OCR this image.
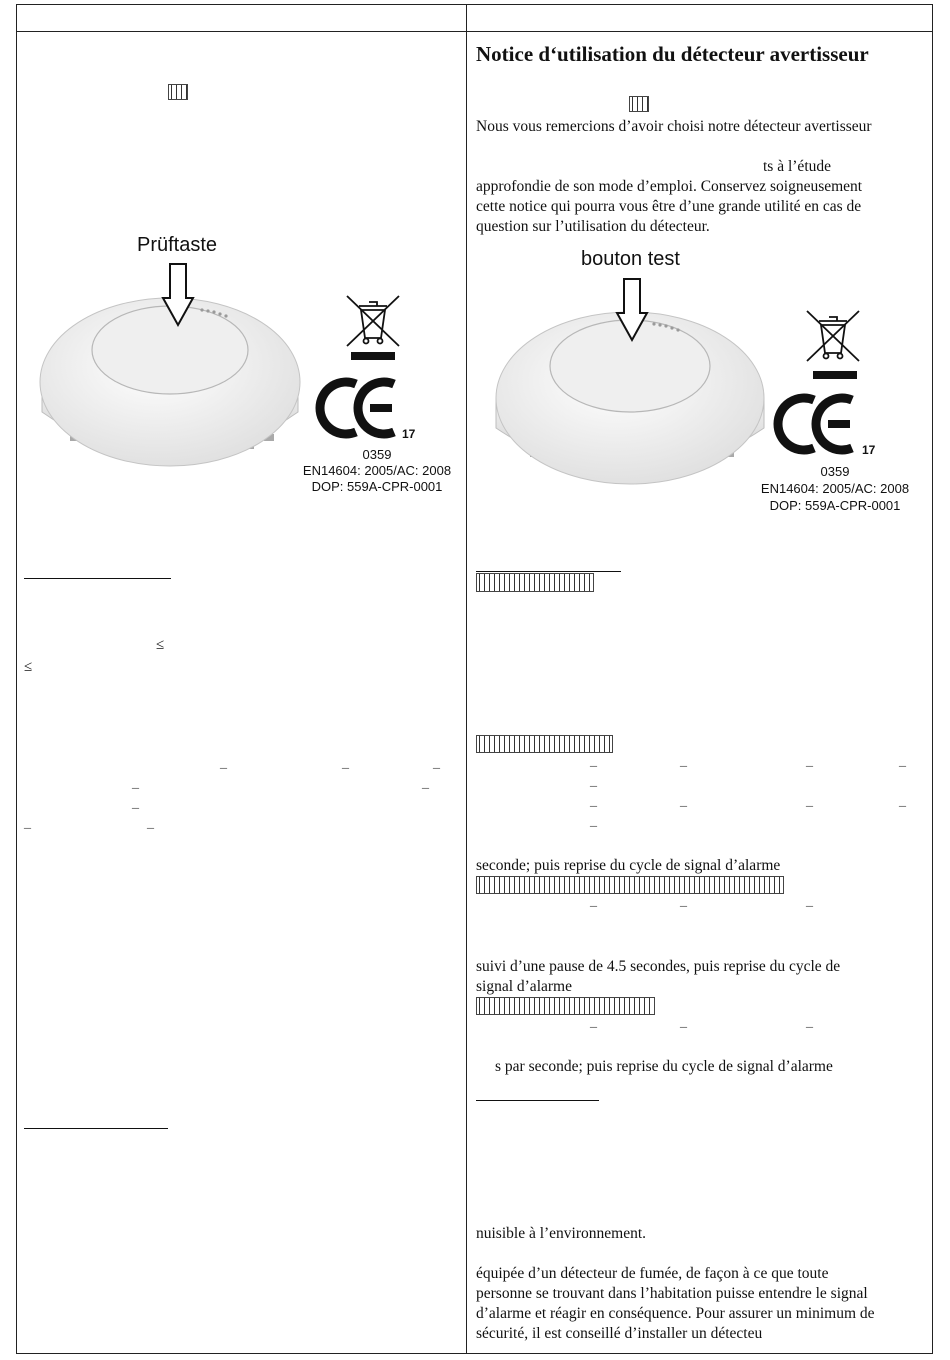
Prüftaste
17
0359
EN14604: 2005/AC: 2008
DOP: 559A-CPR-0001
≤
≤
_	_	_
_	_
_
_	_
Notice d‘utilisation du détecteur avertisseur
Nous vous remercions d’avoir choisi notre détecteur avertisseur
ts à l’étude
approfondie de son mode d’emploi. Conservez soigneusement
cette notice qui pourra vous être d’une grande utilité en cas de
question sur l’utilisation du détecteur.
bouton test
17
0359
EN14604: 2005/AC: 2008
DOP: 559A-CPR-0001
_	_	_	_
_
_	_	_	_
_
seconde; puis reprise du cycle de signal d’alarme
_	_	_
suivi d’une pause de 4.5 secondes, puis reprise du cycle de
signal d’alarme
_	_	_
s par seconde; puis reprise du cycle de signal d’alarme
nuisible à l’environnement.
équipée d’un détecteur de fumée, de façon à ce que toute
personne se trouvant dans l’habitation puisse entendre le signal
d’alarme et réagir en conséquence. Pour assurer un minimum de
sécurité, il est conseillé d’installer un détecteu
